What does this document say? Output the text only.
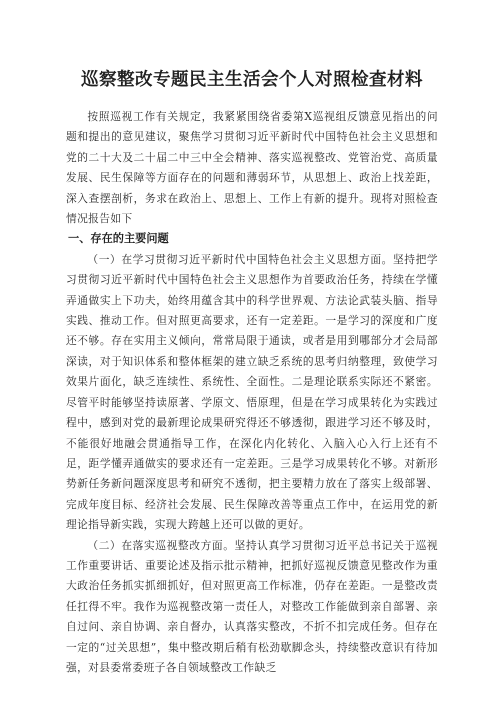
巡察整改专题民主生活会个人对照检查材料

按照巡视工作有关规定，我紧紧围绕省委第X巡视组反馈意见指出的问题和提出的意见建议，聚焦学习贯彻习近平新时代中国特色社会主义思想和党的二十大及二十届二中三中全会精神、落实巡视整改、党管治党、高质量发展、民生保障等方面存在的问题和薄弱环节，从思想上、政治上找差距，深入查摆剖析，务求在政治上、思想上、工作上有新的提升。现将对照检查情况报告如下

一、存在的主要问题

（一）在学习贯彻习近平新时代中国特色社会主义思想方面。坚持把学习贯彻习近平新时代中国特色社会主义思想作为首要政治任务，持续在学懂弄通做实上下功夫，始终用蕴含其中的科学世界观、方法论武装头脑、指导实践、推动工作。但对照更高要求，还有一定差距。一是学习的深度和广度还不够。存在实用主义倾向，常常局限于通读，或者是用到哪部分才会局部深读，对于知识体系和整体框架的建立缺乏系统的思考归纳整理，致使学习效果片面化，缺乏连续性、系统性、全面性。二是理论联系实际还不紧密。尽管平时能够坚持读原著、学原文、悟原理，但是在学习成果转化为实践过程中，感到对党的最新理论成果研究得还不够透彻，跟进学习还不够及时，不能很好地融会贯通指导工作，在深化内化转化、入脑入心入行上还有不足，距学懂弄通做实的要求还有一定差距。三是学习成果转化不够。对新形势新任务新问题深度思考和研究不透彻，把主要精力放在了落实上级部署、完成年度目标、经济社会发展、民生保障改善等重点工作中，在运用党的新理论指导新实践，实现大跨越上还可以做的更好。

（二）在落实巡视整改方面。坚持认真学习贯彻习近平总书记关于巡视工作重要讲话、重要论述及指示批示精神，把抓好巡视反馈意见整改作为重大政治任务抓实抓细抓好，但对照更高工作标准，仍存在差距。一是整改责任扛得不牢。我作为巡视整改第一责任人，对整改工作能做到亲自部署、亲自过问、亲自协调、亲自督办，认真落实整改，不折不扣完成任务。但存在一定的“过关思想”，集中整改期后稍有松劲歇脚念头，持续整改意识有待加强，对县委常委班子各自领域整改工作缺乏
